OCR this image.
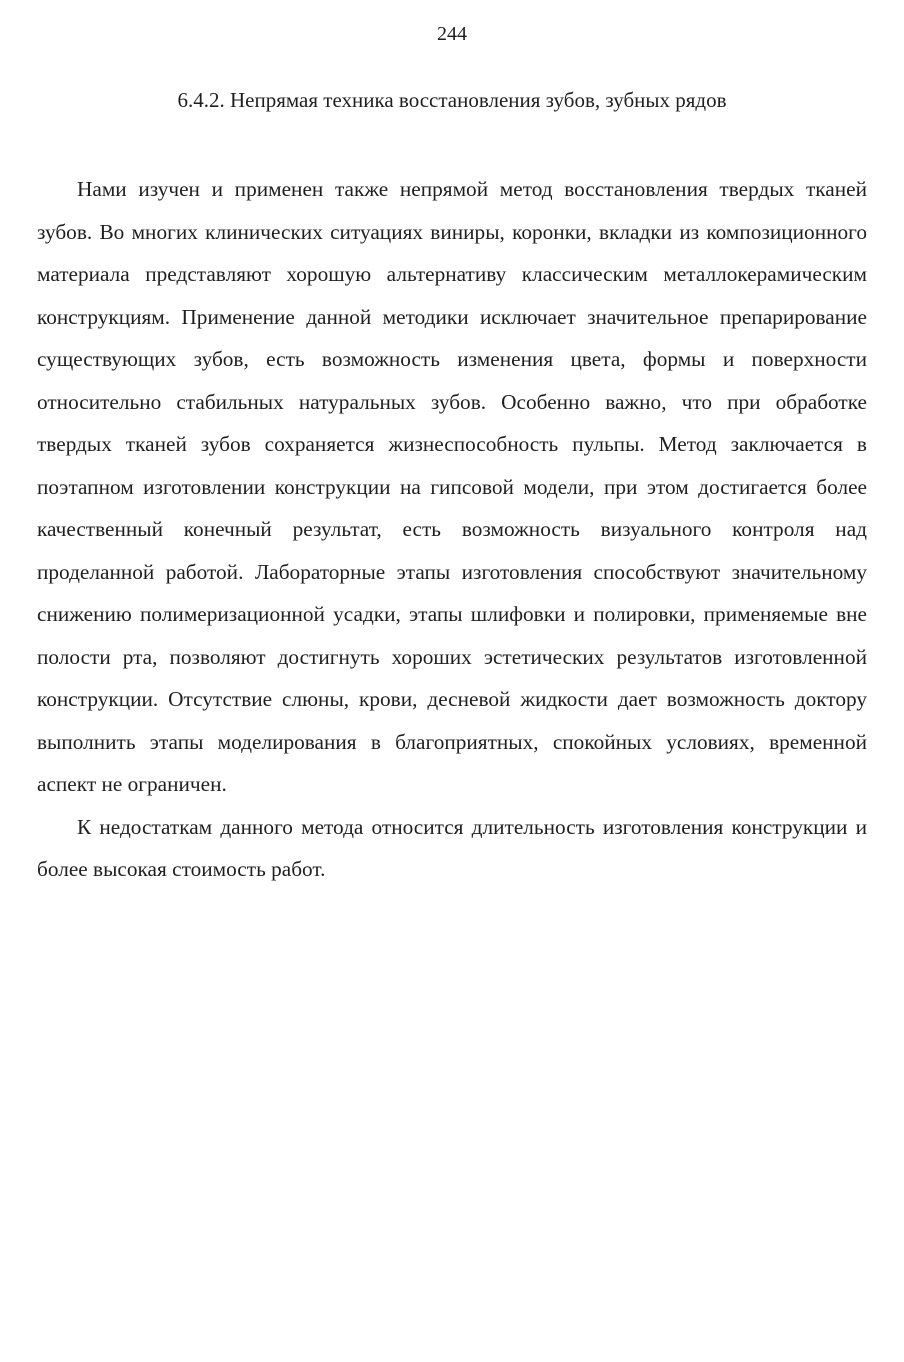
244
6.4.2. Непрямая техника восстановления зубов, зубных рядов

Нами изучен и применен также непрямой метод восстановления твердых тканей зубов. Во многих клинических ситуациях виниры, коронки, вкладки из композиционного материала представляют хорошую альтернативу классическим металлокерамическим конструкциям. Применение данной методики исключает значительное препарирование существующих зубов, есть возможность изменения цвета, формы и поверхности относительно стабильных натуральных зубов. Особенно важно, что при обработке твердых тканей зубов сохраняется жизнеспособность пульпы. Метод заключается в поэтапном изготовлении конструкции на гипсовой модели, при этом достигается более качественный конечный результат, есть возможность визуального контроля над проделанной работой. Лабораторные этапы изготовления способствуют значительному снижению полимеризационной усадки, этапы шлифовки и полировки, применяемые вне полости рта, позволяют достигнуть хороших эстетических результатов изготовленной конструкции. Отсутствие слюны, крови, десневой жидкости дает возможность доктору выполнить этапы моделирования в благоприятных, спокойных условиях, временной аспект не ограничен.

К недостаткам данного метода относится длительность изготовления конструкции и более высокая стоимость работ.
